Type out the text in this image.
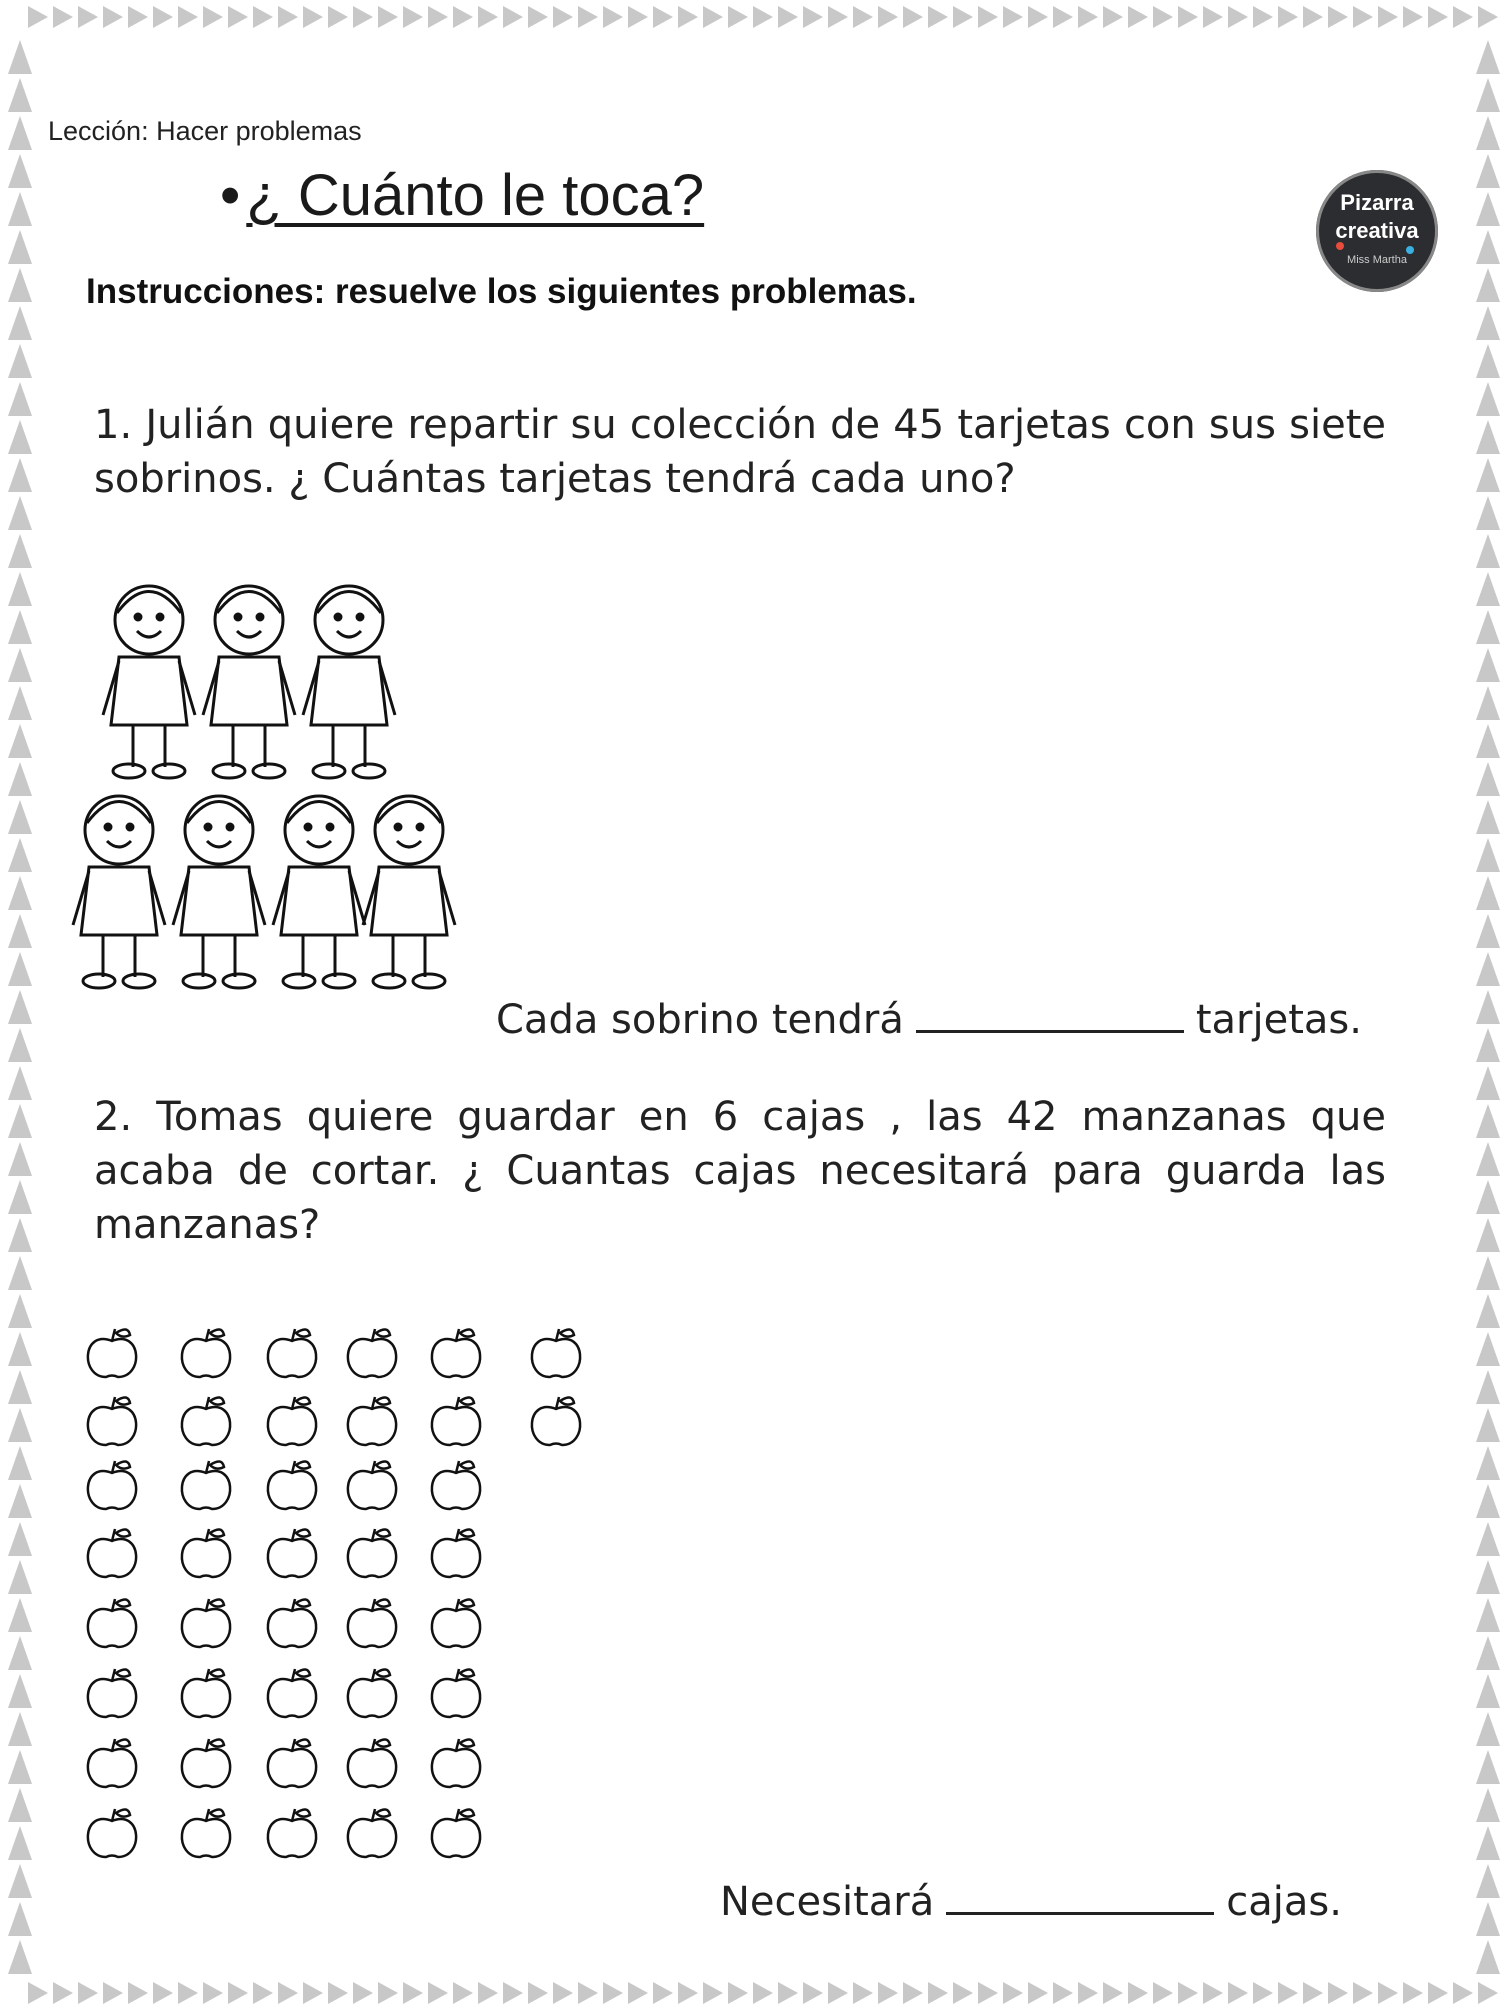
Lección: Hacer problemas
• ¿ Cuánto le toca?	Pizarra
creativa
Miss Martha
Instrucciones: resuelve los siguientes problemas.
1. Julián quiere repartir su colección de 45 tarjetas con sus siete sobrinos. ¿ Cuántas tarjetas tendrá cada uno?
Cada sobrino tendrá	tarjetas.
2. Tomas quiere guardar en 6 cajas , las 42 manzanas que acaba de cortar. ¿ Cuantas cajas necesitará para guarda las manzanas?
Necesitará	cajas.
